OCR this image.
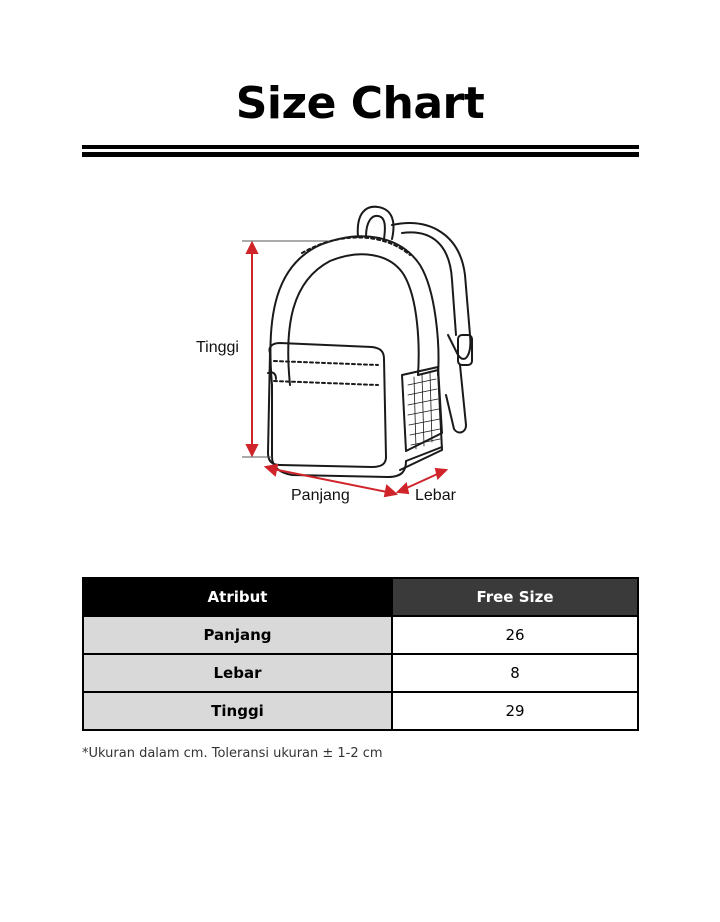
Size Chart
Tinggi
Panjang	Lebar
Atribut	Free Size
Panjang	26
Lebar	8
Tinggi	29
*Ukuran dalam cm. Toleransi ukuran ± 1-2 cm
